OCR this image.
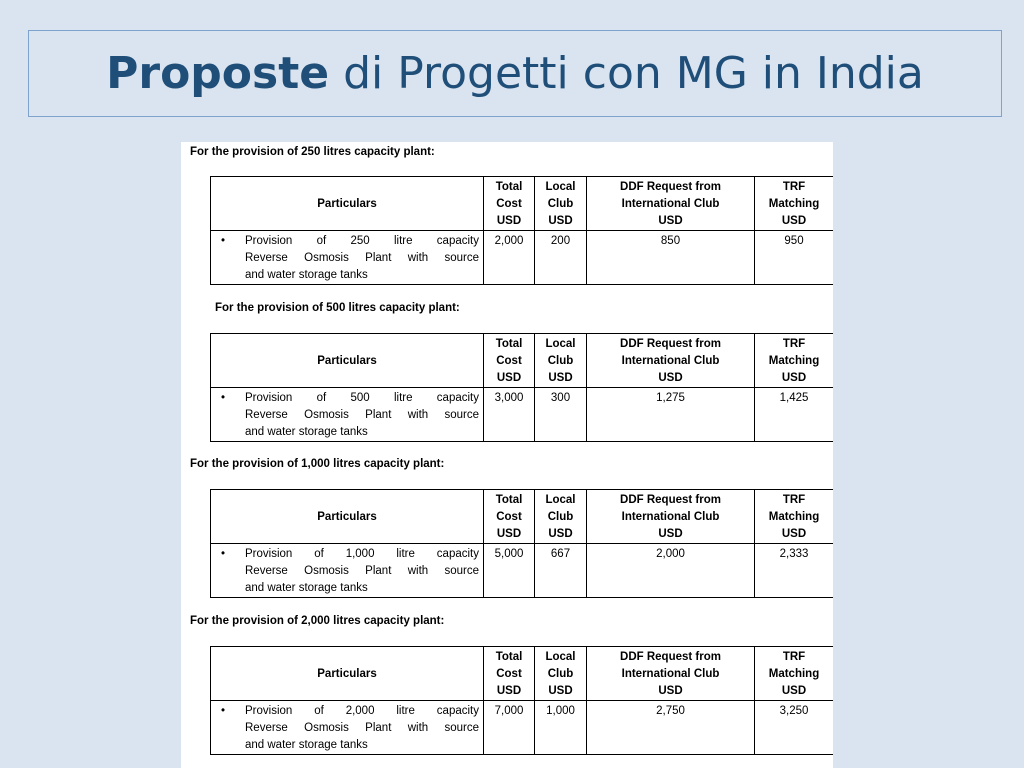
Proposte
di Progetti con MG in India
For the provision of 250 litres capacity plant:
Particulars	Total
Cost
USD	Local
Club
USD	DDF Request from
International Club
USD	TRF
Matching
USD

• Provision of 250 litre capacity
Reverse Osmosis Plant with source
and water storage tanks	2,000	200	850	950
For the provision of 500 litres capacity plant:
Particulars	Total
Cost
USD	Local
Club
USD	DDF Request from
International Club
USD	TRF
Matching
USD

• Provision of 500 litre capacity
Reverse Osmosis Plant with source
and water storage tanks	3,000	300	1,275	1,425
For the provision of 1,000 litres capacity plant:
Particulars	Total
Cost
USD	Local
Club
USD	DDF Request from
International Club
USD	TRF
Matching
USD

• Provision of 1,000 litre capacity
Reverse Osmosis Plant with source
and water storage tanks	5,000	667	2,000	2,333
For the provision of 2,000 litres capacity plant:
Particulars	Total
Cost
USD	Local
Club
USD	DDF Request from
International Club
USD	TRF
Matching
USD

• Provision of 2,000 litre capacity
Reverse Osmosis Plant with source
and water storage tanks	7,000	1,000	2,750	3,250
